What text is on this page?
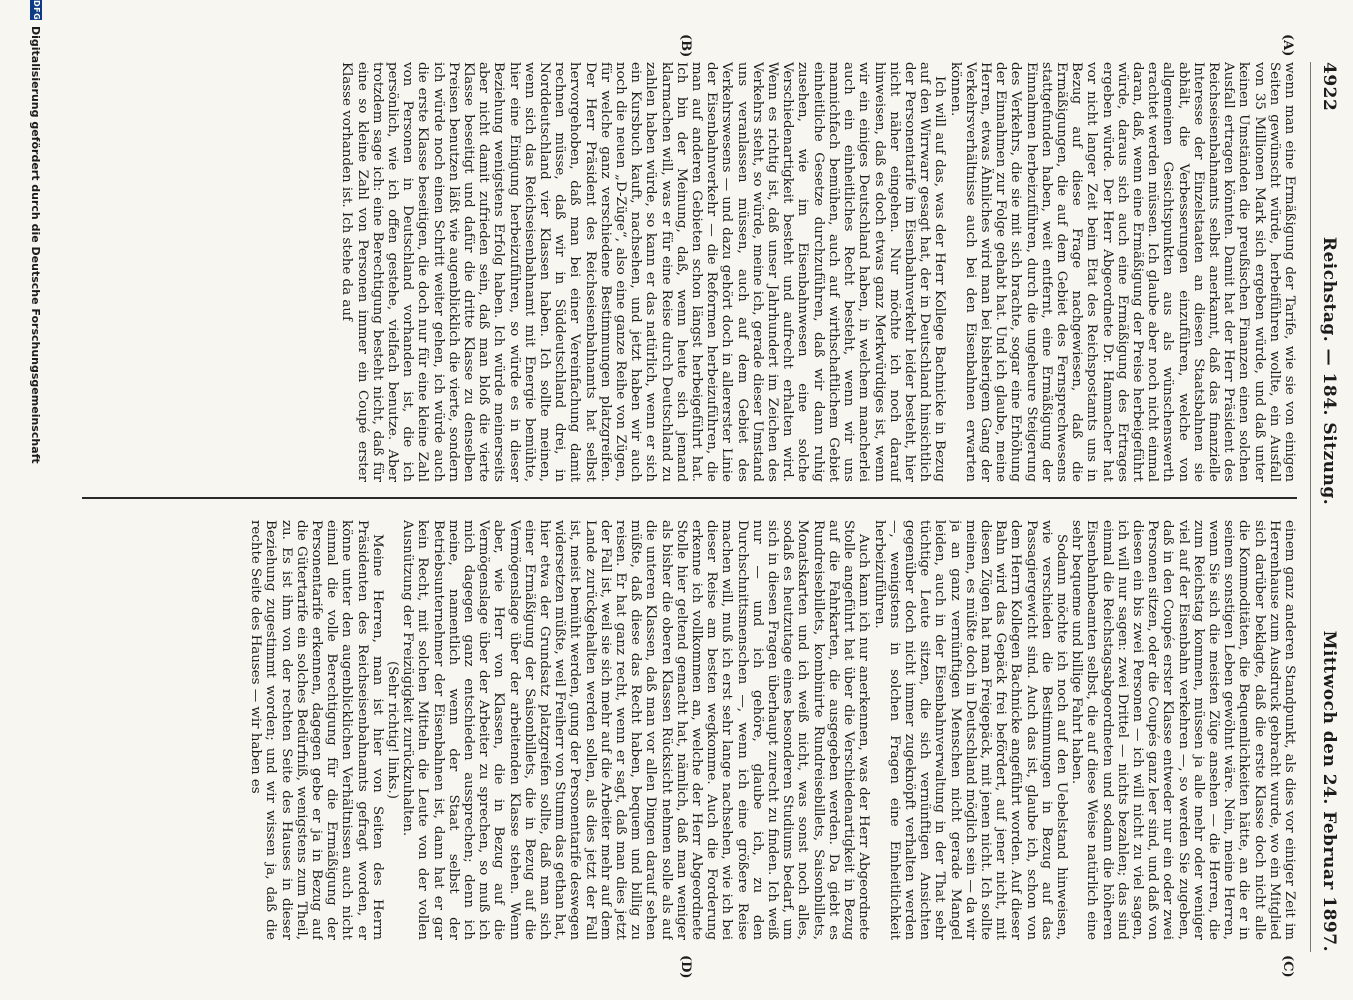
4922
Reichstag. — 184. Sitzung.
Mittwoch den 24. Februar 1897.
(A)
(B)
(C)
(D)

wenn man eine Ermäßigung der Tarife, wie sie von einigen Seiten gewünscht würde, herbeiführen wollte, ein Ausfall von 35 Millionen Mark sich ergeben würde, und daß unter keinen Umständen die preußischen Finanzen einen solchen Ausfall ertragen könnten. Damit hat der Herr Präsident des Reichseisenbahnamts selbst anerkannt, daß das finanzielle Interesse der Einzelstaaten an diesen Staatsbahnen sie abhält, die Verbesserungen einzuführen, welche von allgemeinen Gesichtspunkten aus als wünschenswerth erachtet werden müssen. Ich glaube aber noch nicht einmal daran, daß, wenn eine Ermäßigung der Preise herbeigeführt würde, daraus sich auch eine Ermäßigung des Ertrages ergeben würde. Der Herr Abgeordnete Dr. Hammacher hat vor nicht langer Zeit beim Etat des Reichspostamts uns in Bezug auf diese Frage nachgewiesen, daß die Ermäßigungen, die auf dem Gebiet des Fernsprechwesens stattgefunden haben, weit entfernt, eine Ermäßigung der Einnahmen herbeizuführen, durch die ungeheure Steigerung des Verkehrs, die sie mit sich brachte, sogar eine Erhöhung der Einnahmen zur Folge gehabt hat. Und ich glaube, meine Herren, etwas Ähnliches wird man bei bisherigem Gang der Verkehrsverhältnisse auch bei den Eisenbahnen erwarten können.

Ich will auf das, was der Herr Kollege Bachnicke in Bezug auf den Wirrwarr gesagt hat, der in Deutschland hinsichtlich der Personentarife im Eisenbahnverkehr leider besteht, hier nicht näher eingehen. Nur möchte ich noch darauf hinweisen, daß es doch etwas ganz Merkwürdiges ist, wenn wir ein einiges Deutschland haben, in welchem mancherlei auch ein einheitliches Recht besteht, wenn wir uns mannichfach bemühen, auch auf wirthschaftlichem Gebiet einheitliche Gesetze durchzuführen, daß wir dann ruhig zusehen, wie im Eisenbahnwesen eine solche Verschiedenartigkeit besteht und aufrecht erhalten wird. Wenn es richtig ist, daß unser Jahrhundert im Zeichen des Verkehrs steht, so würde, meine ich, gerade dieser Umstand uns veranlassen müssen, auch auf dem Gebiet des Verkehrswesens — und dazu gehört doch in allererster Linie der Eisenbahnverkehr — die Reformen herbeizuführen, die man auf anderen Gebieten schon längst herbeigeführt hat. Ich bin der Meinung, daß, wenn heute sich jemand klarmachen will, was er für eine Reise durch Deutschland zu zahlen haben würde, so kann er das natürlich, wenn er sich ein Kursbuch kauft, nachsehen, und jetzt haben wir auch noch die neuen „D-Züge“, also eine ganze Reihe von Zügen, für welche ganz verschiedene Bestimmungen platzgreifen. Der Herr Präsident des Reichseisenbahnamts hat selbst hervorgehoben, daß man bei einer Vereinfachung damit rechnen müsse, daß wir in Süddeutschland drei, in Norddeutschland vier Klassen haben. Ich sollte meinen, wenn sich das Reichseisenbahnamt mit Energie bemühte, hier eine Einigung herbeizuführen, so würde es in dieser Beziehung wenigstens Erfolg haben. Ich würde meinerseits aber nicht damit zufrieden sein, daß man bloß die vierte Klasse beseitigt und dafür die dritte Klasse zu denselben Preisen benutzen läßt wie augenblicklich die vierte, sondern ich würde noch einen Schritt weiter gehen, ich würde auch die erste Klasse beseitigen, die doch nur für eine kleine Zahl von Personen in Deutschland vorhanden ist, die ich persönlich, wie ich offen gestehe, vielfach benutze. Aber trotzdem sage ich: eine Berechtigung besteht nicht, daß für eine so kleine Zahl von Personen immer ein Coupé erster Klasse vorhanden ist. Ich stehe da auf

einem ganz anderen Standpunkt, als dies vor einiger Zeit im Herrenhause zum Ausdruck gebracht wurde, wo ein Mitglied sich darüber beklagte, daß die erste Klasse doch nicht alle die Kommoditäten, die Bequemlichkeiten hätte, an die er in seinem sonstigen Leben gewöhnt wäre. Nein, meine Herren, wenn Sie sich die meisten Züge ansehen — die Herren, die zum Reichstag kommen, müssen ja alle mehr oder weniger viel auf der Eisenbahn verkehren —, so werden Sie zugeben, daß in den Coupés erster Klasse entweder nur ein oder zwei Personen sitzen, oder die Coupés ganz leer sind, und daß von diesen ein bis zwei Personen — ich will nicht zu viel sagen, ich will nur sagen: zwei Drittel — nichts bezahlen; das sind einmal die Reichstagsabgeordneten und sodann die höheren Eisenbahnbeamten selbst, die auf diese Weise natürlich eine sehr bequeme und billige Fahrt haben.

Sodann möchte ich noch auf den Uebelstand hinweisen, wie verschieden die Bestimmungen in Bezug auf das Passagiergewicht sind. Auch das ist, glaube ich, schon von dem Herrn Kollegen Bachnicke angeführt worden. Auf dieser Bahn wird das Gepäck frei befördert, auf jener nicht, mit diesen Zügen hat man Freigepäck, mit jenen nicht. Ich sollte meinen, es müßte doch in Deutschland möglich sein — da wir ja an ganz vernünftigen Menschen nicht gerade Mangel leiden, auch in der Eisenbahnverwaltung in der That sehr tüchtige Leute sitzen, die sich vernünftigen Ansichten gegenüber doch nicht immer zugeknöpft verhalten werden —, wenigstens in solchen Fragen eine Einheitlichkeit herbeizuführen.

Auch kann ich nur anerkennen, was der Herr Abgeordnete Stolle angeführt hat über die Verschiedenartigkeit in Bezug auf die Fahrkarten, die ausgegeben werden. Da giebt es Rundreisebillets, kombinirte Rundreisebillets, Saisonbillets, Monatskarten und ich weiß nicht, was sonst noch alles, sodaß es heutzutage eines besonderen Studiums bedarf, um sich in diesen Fragen überhaupt zurecht zu finden. Ich weiß nur — und ich gehöre, glaube ich, zu den Durchschnittsmenschen —, wenn ich eine größere Reise machen will, muß ich erst sehr lange nachsehen, wie ich bei dieser Reise am besten wegkomme. Auch die Forderung erkenne ich vollkommen an, welche der Herr Abgeordnete Stolle hier geltend gemacht hat, nämlich, daß man weniger als bisher die oberen Klassen Rücksicht nehmen solle als auf die unteren Klassen, daß man vor allen Dingen darauf sehen müßte, daß diese das Recht haben, bequem und billig zu reisen. Er hat ganz recht, wenn er sagt, daß man dies jetzt der Fall ist, weil sie sich mehr auf die Arbeiter mehr auf dem Lande zurückgehalten werden sollen, als dies jetzt der Fall ist, meist bemüht werden, gung der Personentarife deswegen widersetzen müßte, weil Freiherr von Stumm das gethan hat, hier etwa der Grundsatz platzgreifen sollte, daß man sich einer Ermäßigung der Saisonbillets, die in Bezug auf die Vermögenslage über der arbeitenden Klasse stehen. Wenn aber, wie Herr von Klassen, die in Bezug auf die Vermögenslage über der Arbeiter zu sprechen, so muß ich mich dagegen ganz entschieden aussprechen; denn ich meine, namentlich wenn der Staat selbst der Betriebsunternehmer der Eisenbahnen ist, dann hat er gar kein Recht, mit solchen Mitteln die Leute von der vollen Ausnützung der Freizügigkeit zurückzuhalten.

(Sehr richtig! links.)

Meine Herren, man ist hier von Seiten des Herrn Präsidenten des Reichseisenbahnamts gefragt worden, er könne unter den augenblicklichen Verhältnissen auch nicht einmal die volle Berechtigung für die Ermäßigung der Personentarife erkennen, dagegen gebe er ja in Bezug auf die Gütertarife ein solches Bedürfniß, wenigstens zum Theil, zu. Es ist ihm von der rechten Seite des Hauses in dieser Beziehung zugestimmt worden; und wir wissen ja, daß die rechte Seite des Hauses — wir haben es

DFG
Digitalisierung gefördert durch die Deutsche Forschungsgemeinschaft
